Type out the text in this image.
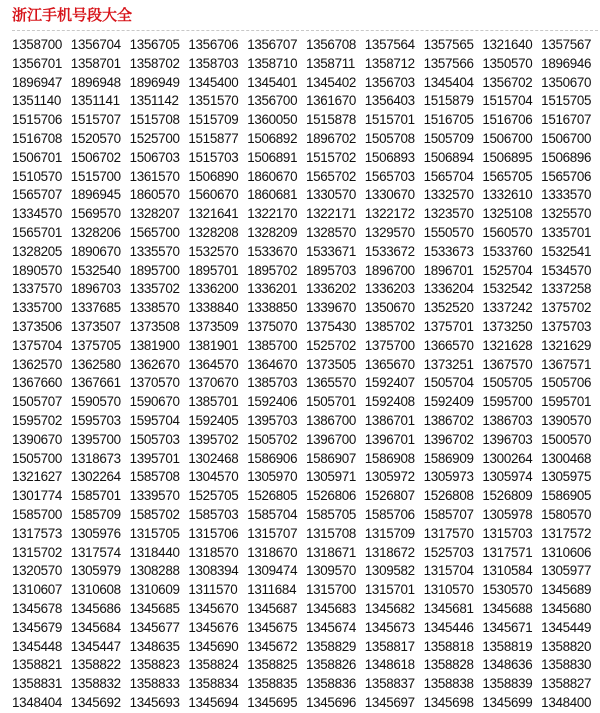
浙江手机号段大全
1358700 1356704 1356705 1356706 1356707 1356708 1357564 1357565 1321640 1357567
1356701 1358701 1358702 1358703 1358710 1358711 1358712 1357566 1350570 1896946
1896947 1896948 1896949 1345400 1345401 1345402 1356703 1345404 1356702 1350670
1351140 1351141 1351142 1351570 1356700 1361670 1356403 1515879 1515704 1515705
1515706 1515707 1515708 1515709 1360050 1515878 1515701 1516705 1516706 1516707
1516708 1520570 1525700 1515877 1506892 1896702 1505708 1505709 1506700 1506700
1506701 1506702 1506703 1515703 1506891 1515702 1506893 1506894 1506895 1506896
1510570 1515700 1361570 1506890 1860670 1565702 1565703 1565704 1565705 1565706
1565707 1896945 1860570 1560670 1860681 1330570 1330670 1332570 1332610 1333570
1334570 1569570 1328207 1321641 1322170 1322171 1322172 1323570 1325108 1325570
1565701 1328206 1565700 1328208 1328209 1328570 1329570 1550570 1560570 1335701
1328205 1890670 1335570 1532570 1533670 1533671 1533672 1533673 1533760 1532541
1890570 1532540 1895700 1895701 1895702 1895703 1896700 1896701 1525704 1534570
1337570 1896703 1335702 1336200 1336201 1336202 1336203 1336204 1532542 1337258
1335700 1337685 1338570 1338840 1338850 1339670 1350670 1352520 1337242 1375702
1373506 1373507 1373508 1373509 1375070 1375430 1385702 1375701 1373250 1375703
1375704 1375705 1381900 1381901 1385700 1525702 1375700 1366570 1321628 1321629
1362570 1362580 1362670 1364570 1364670 1373505 1365670 1373251 1367570 1367571
1367660 1367661 1370570 1370670 1385703 1365570 1592407 1505704 1505705 1505706
1505707 1590570 1590670 1385701 1592406 1505701 1592408 1592409 1595700 1595701
1595702 1595703 1595704 1592405 1395703 1386700 1386701 1386702 1386703 1390570
1390670 1395700 1505703 1395702 1505702 1396700 1396701 1396702 1396703 1500570
1505700 1318673 1395701 1302468 1586906 1586907 1586908 1586909 1300264 1300468
1321627 1302264 1585708 1304570 1305970 1305971 1305972 1305973 1305974 1305975
1301774 1585701 1339570 1525705 1526805 1526806 1526807 1526808 1526809 1586905
1585700 1585709 1585702 1585703 1585704 1585705 1585706 1585707 1305978 1580570
1317573 1305976 1315705 1315706 1315707 1315708 1315709 1317570 1315703 1317572
1315702 1317574 1318440 1318570 1318670 1318671 1318672 1525703 1317571 1310606
1320570 1305979 1308288 1308394 1309474 1309570 1309582 1315704 1310584 1305977
1310607 1310608 1310609 1311570 1311684 1315700 1315701 1310570 1530570 1345689
1345678 1345686 1345685 1345670 1345687 1345683 1345682 1345681 1345688 1345680
1345679 1345684 1345677 1345676 1345675 1345674 1345673 1345446 1345671 1345449
1345448 1345447 1348635 1345690 1345672 1358829 1358817 1358818 1358819 1358820
1358821 1358822 1358823 1358824 1358825 1358826 1348618 1358828 1348636 1358830
1358831 1358832 1358833 1358834 1358835 1358836 1358837 1358838 1358839 1358827
1348404 1345692 1345693 1345694 1345695 1345696 1345697 1345698 1345699 1348400
